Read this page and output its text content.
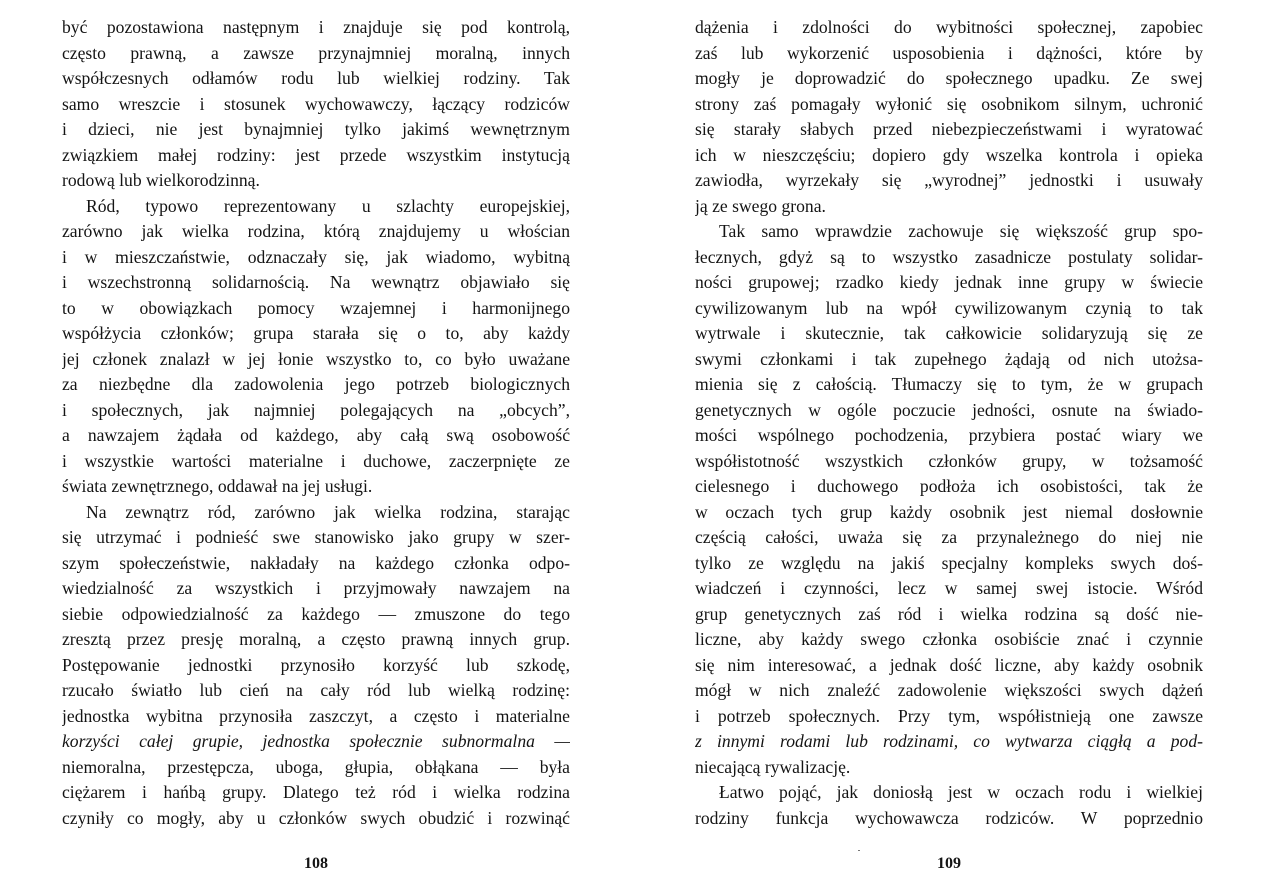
być pozostawiona następnym i znajduje się pod kontrolą,
często prawną, a zawsze przynajmniej moralną, innych
współczesnych odłamów rodu lub wielkiej rodziny. Tak
samo wreszcie i stosunek wychowawczy, łączący rodziców
i dzieci, nie jest bynajmniej tylko jakimś wewnętrznym
związkiem małej rodziny: jest przede wszystkim instytucją
rodową lub wielkorodzinną.
Ród, typowo reprezentowany u szlachty europejskiej,
zarówno jak wielka rodzina, którą znajdujemy u włościan
i w mieszczaństwie, odznaczały się, jak wiadomo, wybitną
i wszechstronną solidarnością. Na wewnątrz objawiało się
to w obowiązkach pomocy wzajemnej i harmonijnego
współżycia członków; grupa starała się o to, aby każdy
jej członek znalazł w jej łonie wszystko to, co było uważane
za niezbędne dla zadowolenia jego potrzeb biologicznych
i społecznych, jak najmniej polegających na „obcych”,
a nawzajem żądała od każdego, aby całą swą osobowość
i wszystkie wartości materialne i duchowe, zaczerpnięte ze
świata zewnętrznego, oddawał na jej usługi.
Na zewnątrz ród, zarówno jak wielka rodzina, starając
się utrzymać i podnieść swe stanowisko jako grupy w szer-
szym społeczeństwie, nakładały na każdego członka odpo-
wiedzialność za wszystkich i przyjmowały nawzajem na
siebie odpowiedzialność za każdego — zmuszone do tego
zresztą przez presję moralną, a często prawną innych grup.
Postępowanie jednostki przynosiło korzyść lub szkodę,
rzucało światło lub cień na cały ród lub wielką rodzinę:
jednostka wybitna przynosiła zaszczyt, a często i materialne
korzyści całej grupie, jednostka społecznie subnormalna —
niemoralna, przestępcza, uboga, głupia, obłąkana — była
ciężarem i hańbą grupy. Dlatego też ród i wielka rodzina
czyniły co mogły, aby u członków swych obudzić i rozwinąć
108
dążenia i zdolności do wybitności społecznej, zapobiec
zaś lub wykorzenić usposobienia i dążności, które by
mogły je doprowadzić do społecznego upadku. Ze swej
strony zaś pomagały wyłonić się osobnikom silnym, uchronić
się starały słabych przed niebezpieczeństwami i wyratować
ich w nieszczęściu; dopiero gdy wszelka kontrola i opieka
zawiodła, wyrzekały się „wyrodnej” jednostki i usuwały
ją ze swego grona.
Tak samo wprawdzie zachowuje się większość grup spo-
łecznych, gdyż są to wszystko zasadnicze postulaty solidar-
ności grupowej; rzadko kiedy jednak inne grupy w świecie
cywilizowanym lub na wpół cywilizowanym czynią to tak
wytrwale i skutecznie, tak całkowicie solidaryzują się ze
swymi członkami i tak zupełnego żądają od nich utożsa-
mienia się z całością. Tłumaczy się to tym, że w grupach
genetycznych w ogóle poczucie jedności, osnute na świado-
mości wspólnego pochodzenia, przybiera postać wiary we
współistotność wszystkich członków grupy, w tożsamość
cielesnego i duchowego podłoża ich osobistości, tak że
w oczach tych grup każdy osobnik jest niemal dosłownie
częścią całości, uważa się za przynależnego do niej nie
tylko ze względu na jakiś specjalny kompleks swych doś-
wiadczeń i czynności, lecz w samej swej istocie. Wśród
grup genetycznych zaś ród i wielka rodzina są dość nie-
liczne, aby każdy swego członka osobiście znać i czynnie
się nim interesować, a jednak dość liczne, aby każdy osobnik
mógł w nich znaleźć zadowolenie większości swych dążeń
i potrzeb społecznych. Przy tym, współistnieją one zawsze
z innymi rodami lub rodzinami, co wytwarza ciągłą a pod-
niecającą rywalizację.
Łatwo pojąć, jak doniosłą jest w oczach rodu i wielkiej
rodziny funkcja wychowawcza rodziców. W poprzednio
109
